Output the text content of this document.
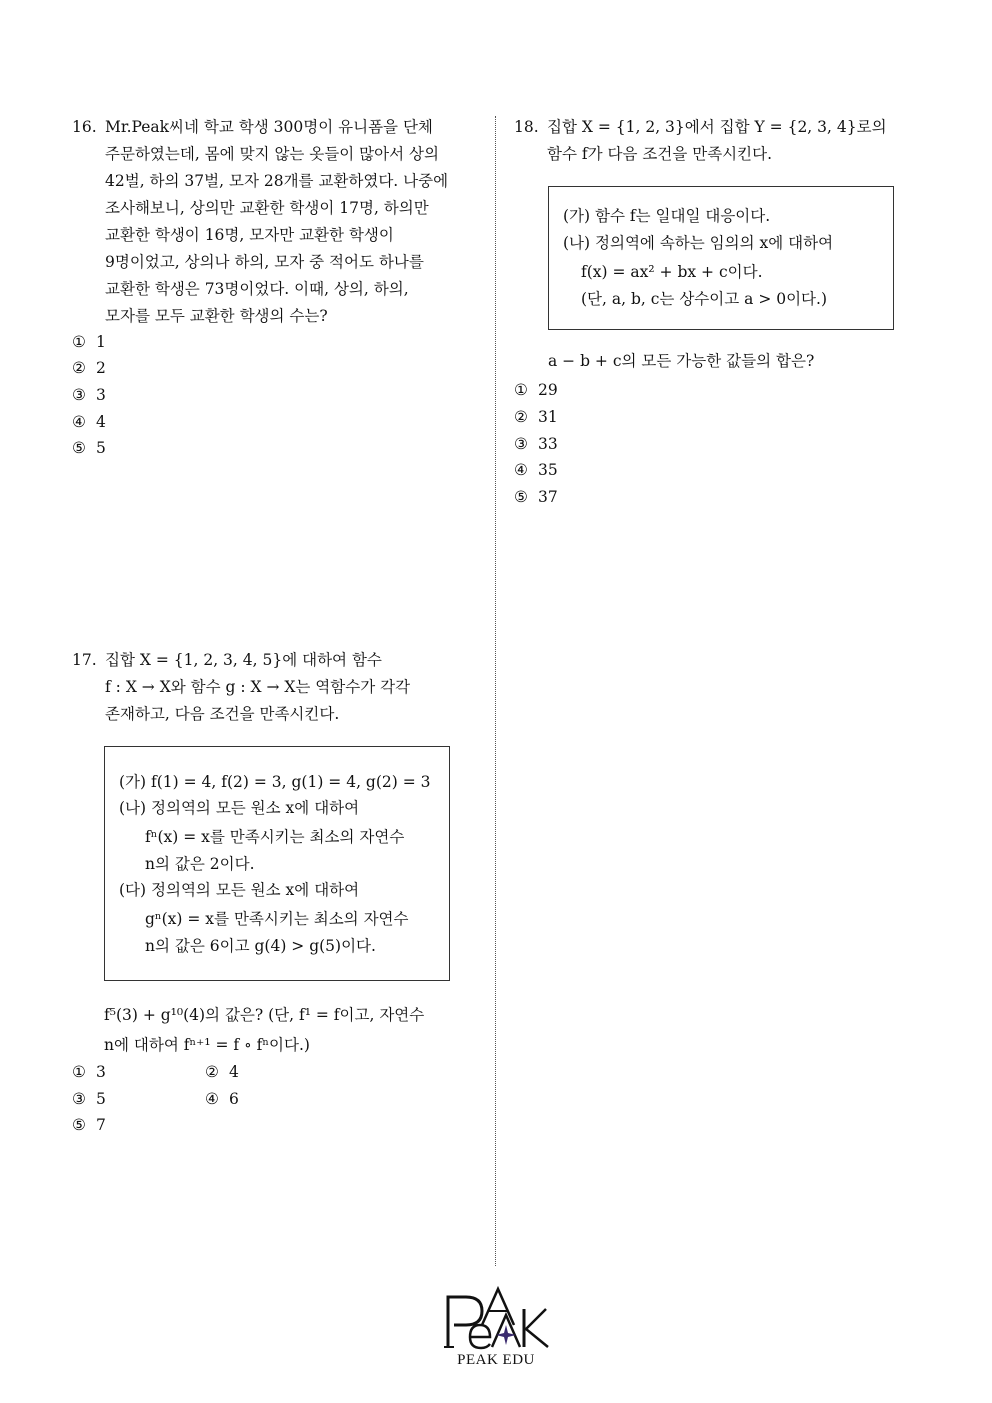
16. Mr.Peak씨네 학교 학생 300명이 유니폼을 단체
주문하였는데, 몸에 맞지 않는 옷들이 많아서 상의
42벌, 하의 37벌, 모자 28개를 교환하였다. 나중에
조사해보니, 상의만 교환한 학생이 17명, 하의만
교환한 학생이 16명, 모자만 교환한 학생이
9명이었고, 상의나 하의, 모자 중 적어도 하나를
교환한 학생은 73명이었다. 이때, 상의, 하의,
모자를 모두 교환한 학생의 수는?
① 1
② 2
③ 3
④ 4
⑤ 5
17. 집합 X = {1, 2, 3, 4, 5}에 대하여 함수
f : X → X와 함수 g : X → X는 역함수가 각각
존재하고, 다음 조건을 만족시킨다.
(가) f(1) = 4, f(2) = 3, g(1) = 4, g(2) = 3
(나) 정의역의 모든 원소 x에 대하여
fⁿ(x) = x를 만족시키는 최소의 자연수
n의 값은 2이다.
(다) 정의역의 모든 원소 x에 대하여
gⁿ(x) = x를 만족시키는 최소의 자연수
n의 값은 6이고 g(4) > g(5)이다.
f⁵(3) + g¹⁰(4)의 값은? (단, f¹ = f이고, 자연수
n에 대하여 fⁿ⁺¹ = f ∘ fⁿ이다.)
① 3	② 4
③ 5	④ 6
⑤ 7
18. 집합 X = {1, 2, 3}에서 집합 Y = {2, 3, 4}로의
함수 f가 다음 조건을 만족시킨다.
(가) 함수 f는 일대일 대응이다.
(나) 정의역에 속하는 임의의 x에 대하여
f(x) = ax² + bx + c이다.
(단, a, b, c는 상수이고 a > 0이다.)
a − b + c의 모든 가능한 값들의 합은?
① 29
② 31
③ 33
④ 35
⑤ 37
PEAK EDU
